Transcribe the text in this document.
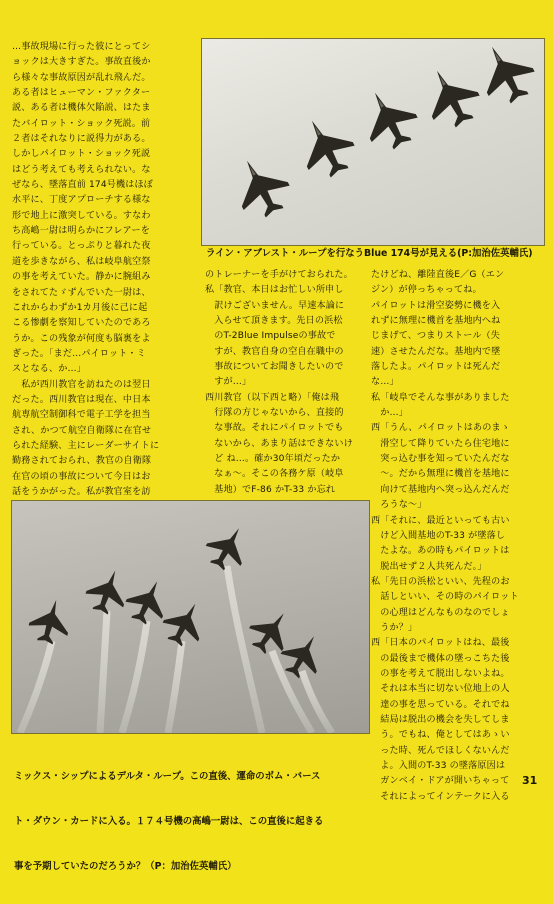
ライン・アブレスト・ループを行なうBlue 174号が見える(P:加治佐英輔氏)
…事故現場に行った彼にとってシ
ョックは大きすぎた。事故直後か
ら様々な事故原因が乱れ飛んだ。
ある者はヒューマン・ファクター
説、ある者は機体欠陥説、はたま
たバイロット・ショック死説。前
２者はそれなりに説得力がある。
しかしパイロット・ショック死説
はどう考えても考えられない。な
ぜなら、墜落直前 174号機はほぼ
水平に、丁度アプローチする様な
形で地上に激突している。すなわ
ち高嶋一尉は明らかにフレアーを
行っている。とっぷりと暮れた夜
道を歩きながら、私は岐阜航空祭
の事を考えていた。静かに腕組み
をされてたゞずんでいた一尉は、
これからわずか1カ月後に己に起
こる惨劇を察知していたのであろ
うか。この残象が何度も脳裏をよ
ぎった。「まだ…パイロット・ミ
スとなる、か…」
　私が西川教官を訪ねたのは翌日
だった。西川教官は現在、中日本
航専航空制御科で電子工学を担当
され、かつて航空自衛隊に在官せ
られた経験、主にレーダーサイトに
勤務されておられ、教官の自衛隊
在官の頃の事故について今日はお
話をうかがった。私が教官室を訪
のトレーナーを手がけておられた。
私「教官、本日はお忙しい所申し
　訳けございません。早速本論に
　入らせて頂きます。先日の浜松
　のT-2Blue Impulseの事故で
　すが、教官自身の空自在職中の
　事故についてお聞きしたいので
　すが…」
西川教官（以下西と略）「俺は飛
　行隊の方じゃないから、直接的
　な事故。それにパイロットでも
　ないから、あまり話はできないけ
　ど ね…。確か30年頃だったか
　なぁ〜。そこの各務ケ原（岐阜
　基地）でF-86 かT-33 か忘れ
たけどね、離陸直後E／G（エン
ジン）が停っちゃってね。
パイロットは滑空姿勢に機を入
れずに無理に機首を基地内へね
じまげて、つまりストール（失
速）させたんだな。基地内で墜
落したよ。パイロットは死んだ
な…」
私「岐阜でそんな事がありました
　か…」
西「うん、パイロットはあのまゝ
　滑空して降りていたら住宅地に
　突っ込む事を知っていたんだな
　〜。だから無理に機首を基地に
　向けて基地内へ突っ込んだんだ
　ろうな〜」
西「それに、最近といっても古い
　けど入間基地のT-33 が墜落し
　たよな。あの時もパイロットは
　脱出せず２人共死んだ。」
私「先日の浜松といい、先程のお
　話しといい、その時のパイロット
　の心理はどんなものなのでしょ
　うか？」
西「日本のパイロットはね、最後
　の最後まで機体の墜っこちた後
　の事を考えて脱出しないよね。
　それは本当に切ない位地上の人
　達の事を思っている。それでね
　結局は脱出の機会を失してしま
　う。でもね、俺としてはあゝい
　った時、死んでほしくないんだ
　よ。入間のT-33 の墜落原因は
　ガンベイ・ドアが開いちゃって
　それによってインテークに入る

ミックス・シップによるデルタ・ループ。この直後、運命のボム・バース

ト・ダウン・カードに入る。１７４号機の高嶋一尉は、この直後に起きる

事を予期していたのだろうか？（P：加治佐英輔氏）

31
